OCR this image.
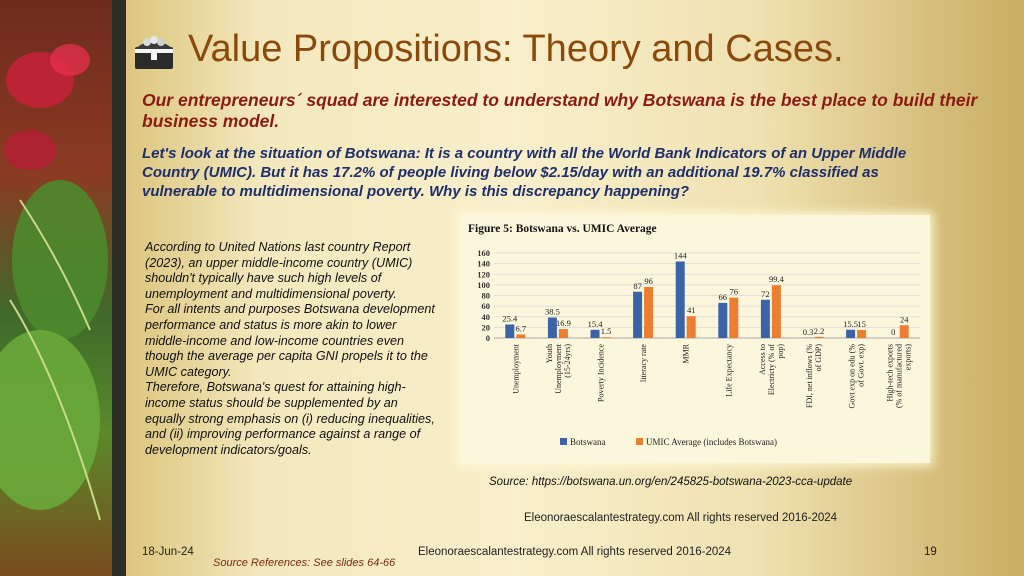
Value Propositions: Theory and Cases.
Our entrepreneurs´ squad are interested to understand why Botswana is the best place to build their business model.
Let's look at the situation of Botswana: It is a country with all the World Bank Indicators of an Upper Middle Country (UMIC). But it has 17.2% of people living below $2.15/day with an additional 19.7% classified as vulnerable to multidimensional poverty. Why is this discrepancy happening?

According to United Nations last country Report (2023), an upper middle-income country (UMIC) shouldn't typically have such high levels of unemployment and multidimensional poverty.

For all intents and purposes Botswana development performance and status is more akin to lower middle-income and low-income countries even though the average per capita GNI propels it to the UMIC category.

Therefore, Botswana's quest for attaining high-income status should be supplemented by an equally strong emphasis on (i) reducing inequalities, and (ii) improving performance against a range of development indicators/goals.

Figure 5: Botswana vs. UMIC Average
0
20
40
60
80
100
120
140
160
25.4
38.5
15.4
87
144
66	72
0.3
15.5
0
6.7
16.9
1.5
96
41
76
99.4
2.2
15	24
Unemployment	Youth Unemployment (15-24yrs)	Poverty Incidence	literacy rate	MMR	Life Expectancy	Access to Electricty (% of pop)	FDI, net inflows (% of GDP)	Govt exp on edu (% of Govt. exp)	High-tech exports (% of manufactured exports)
Botswana	UMIC Average (includes Botswana)
Source: https://botswana.un.org/en/245825-botswana-2023-cca-update
Eleonoraescalantestrategy.com All rights reserved 2016-2024
18-Jun-24	Eleonoraescalantestrategy.com All rights reserved 2016-2024	19
Source References: See slides 64-66
